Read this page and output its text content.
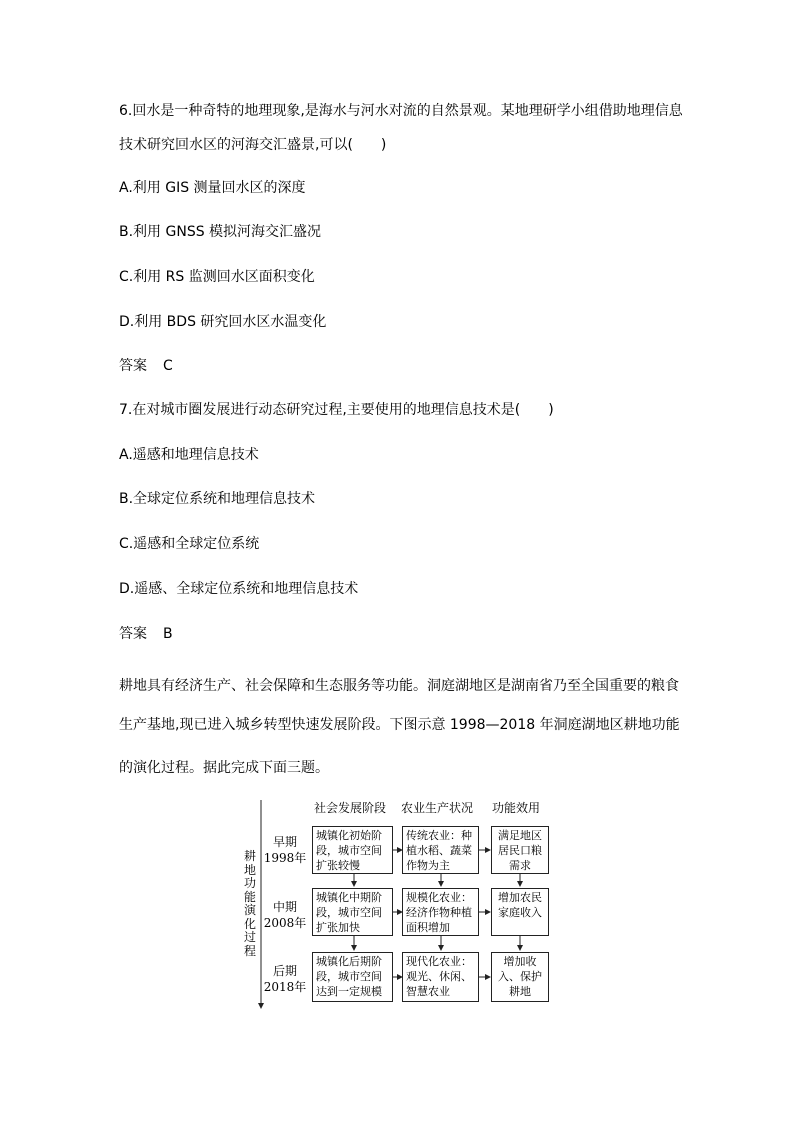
6.回水是一种奇特的地理现象,是海水与河水对流的自然景观。某地理研学小组借助地理信息
技术研究回水区的河海交汇盛景,可以(　　)
A.利用 GIS 测量回水区的深度
B.利用 GNSS 模拟河海交汇盛况
C.利用 RS 监测回水区面积变化
D.利用 BDS 研究回水区水温变化
答案 C
7.在对城市圈发展进行动态研究过程,主要使用的地理信息技术是(　　)
A.遥感和地理信息技术
B.全球定位系统和地理信息技术
C.遥感和全球定位系统
D.遥感、全球定位系统和地理信息技术
答案 B
耕地具有经济生产、社会保障和生态服务等功能。洞庭湖地区是湖南省乃至全国重要的粮食
生产基地,现已进入城乡转型快速发展阶段。下图示意 1998—2018 年洞庭湖地区耕地功能
的演化过程。据此完成下面三题。
耕地功能演化过程
社会发展阶段 农业生产状况 功能效用
早期
1998年
中期
2008年
后期
2018年
城镇化初始阶段，城市空间扩张较慢
传统农业：种植水稻、蔬菜作物为主
满足地区居民口粮需求
城镇化中期阶段，城市空间扩张加快
规模化农业：经济作物种植面积增加
增加农民家庭收入
城镇化后期阶段，城市空间达到一定规模
现代化农业：观光、休闲、智慧农业
增加收入、保护耕地
